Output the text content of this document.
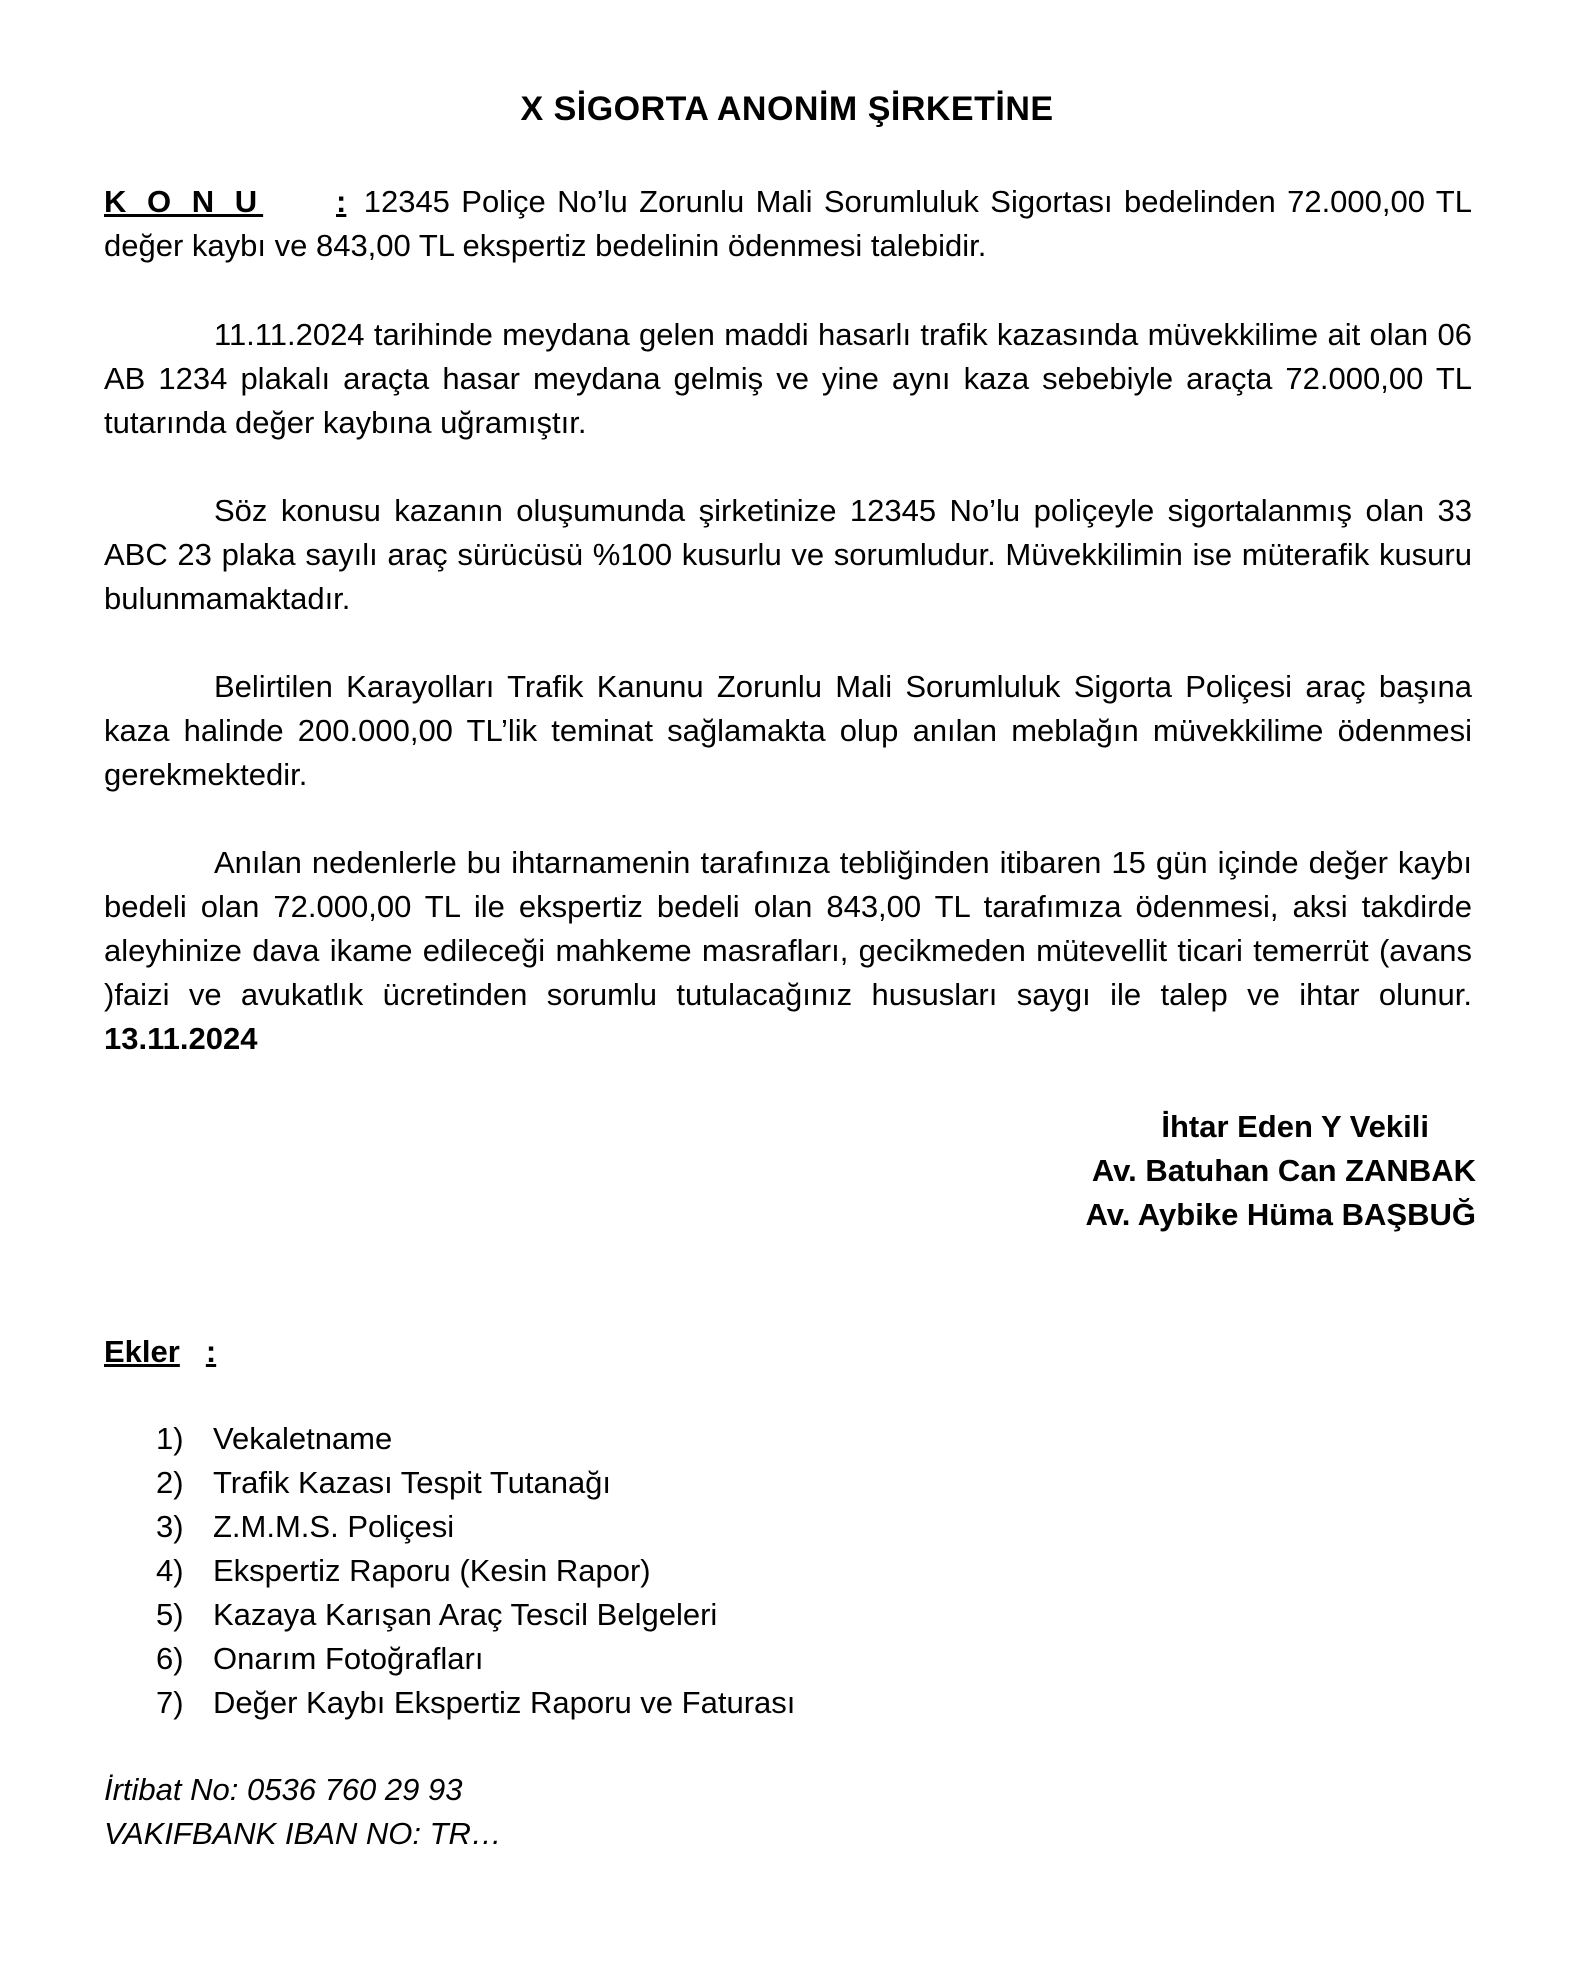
X SİGORTA ANONİM ŞİRKETİNE
K O N U : 12345 Poliçe No’lu Zorunlu Mali Sorumluluk Sigortası bedelinden 72.000,00 TL değer kaybı ve 843,00 TL ekspertiz bedelinin ödenmesi talebidir.
11.11.2024 tarihinde meydana gelen maddi hasarlı trafik kazasında müvekkilime ait olan 06 AB 1234 plakalı araçta hasar meydana gelmiş ve yine aynı kaza sebebiyle araçta 72.000,00 TL tutarında değer kaybına uğramıştır.
Söz konusu kazanın oluşumunda şirketinize 12345 No’lu poliçeyle sigortalanmış olan 33 ABC 23 plaka sayılı araç sürücüsü %100 kusurlu ve sorumludur. Müvekkilimin ise müterafik kusuru bulunmamaktadır.
Belirtilen Karayolları Trafik Kanunu Zorunlu Mali Sorumluluk Sigorta Poliçesi araç başına kaza halinde 200.000,00 TL’lik teminat sağlamakta olup anılan meblağın müvekkilime ödenmesi gerekmektedir.
Anılan nedenlerle bu ihtarnamenin tarafınıza tebliğinden itibaren 15 gün içinde değer kaybı bedeli olan 72.000,00 TL ile ekspertiz bedeli olan 843,00 TL tarafımıza ödenmesi, aksi takdirde aleyhinize dava ikame edileceği mahkeme masrafları, gecikmeden mütevellit ticari temerrüt (avans )faizi ve avukatlık ücretinden sorumlu tutulacağınız hususları saygı ile talep ve ihtar olunur. 13.11.2024
İhtar Eden Y Vekili
Av. Batuhan Can ZANBAK
Av. Aybike Hüma BAŞBUĞ
Ekler :
1) Vekaletname
2) Trafik Kazası Tespit Tutanağı
3) Z.M.M.S. Poliçesi
4) Ekspertiz Raporu (Kesin Rapor)
5) Kazaya Karışan Araç Tescil Belgeleri
6) Onarım Fotoğrafları
7) Değer Kaybı Ekspertiz Raporu ve Faturası
İrtibat No: 0536 760 29 93
VAKIFBANK IBAN NO: TR…
